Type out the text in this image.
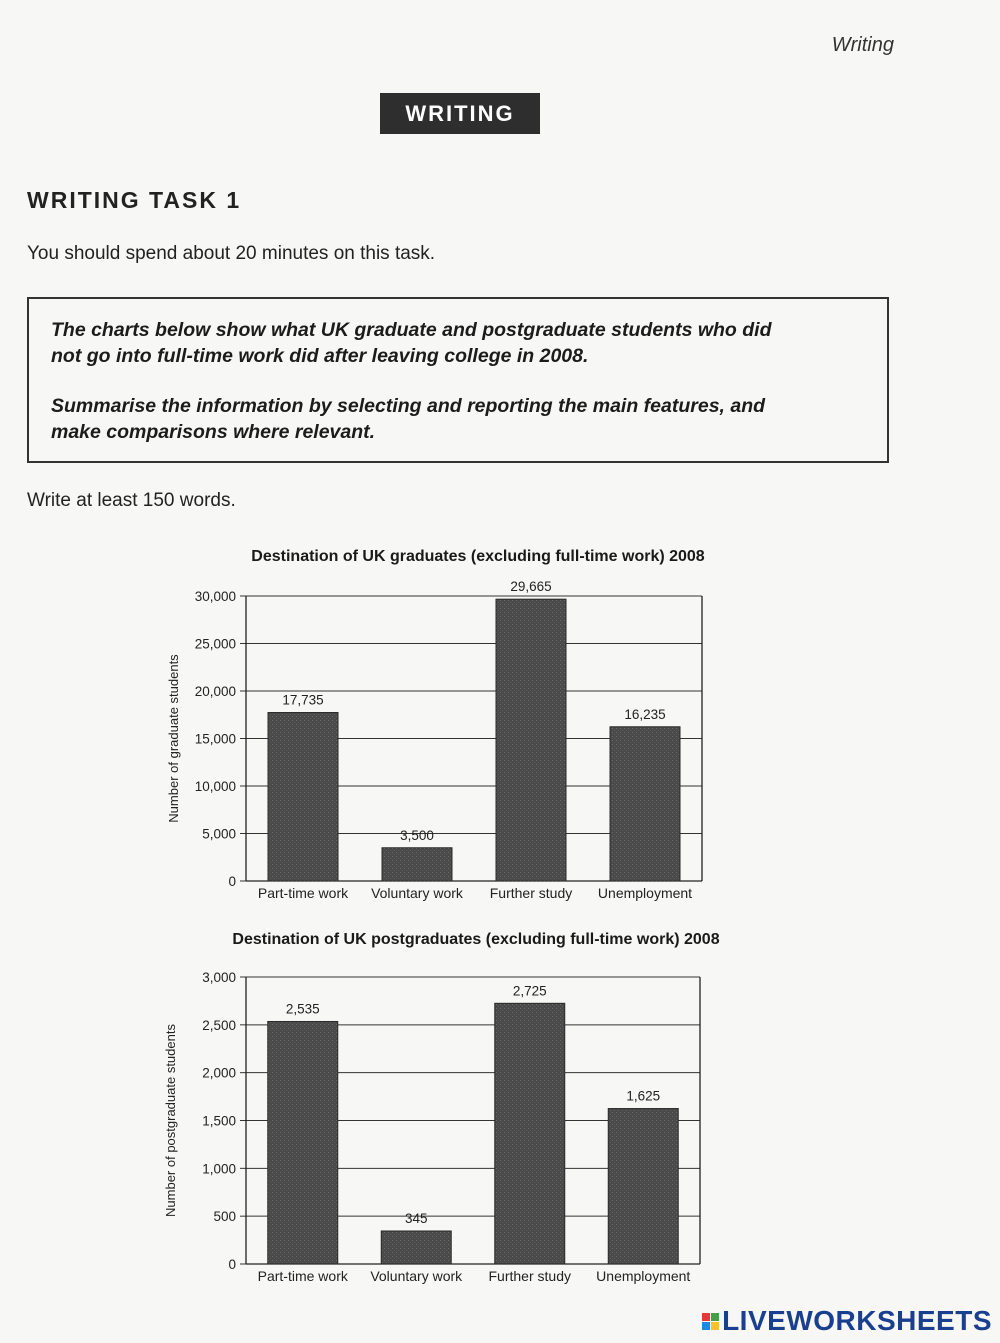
Writing
WRITING
WRITING TASK 1
You should spend about 20 minutes on this task.

The charts below show what UK graduate and postgraduate students who did
not go into full-time work did after leaving college in 2008.

Summarise the information by selecting and reporting the main features, and
make comparisons where relevant.

Write at least 150 words.
Destination of UK graduates (excluding full-time work) 2008
0
5,000
10,000
15,000
20,000
25,000
30,000
Number of graduate students	17,735
Part-time work
3,500
Voluntary work
29,665
Further study
16,235
Unemployment
Destination of UK postgraduates (excluding full-time work) 2008
0
500
1,000
1,500
2,000
2,500
3,000
Number of postgraduate students
2,535
Part-time work
345
Voluntary work
2,725
Further study
1,625
Unemployment
LIVEWORKSHEETS
